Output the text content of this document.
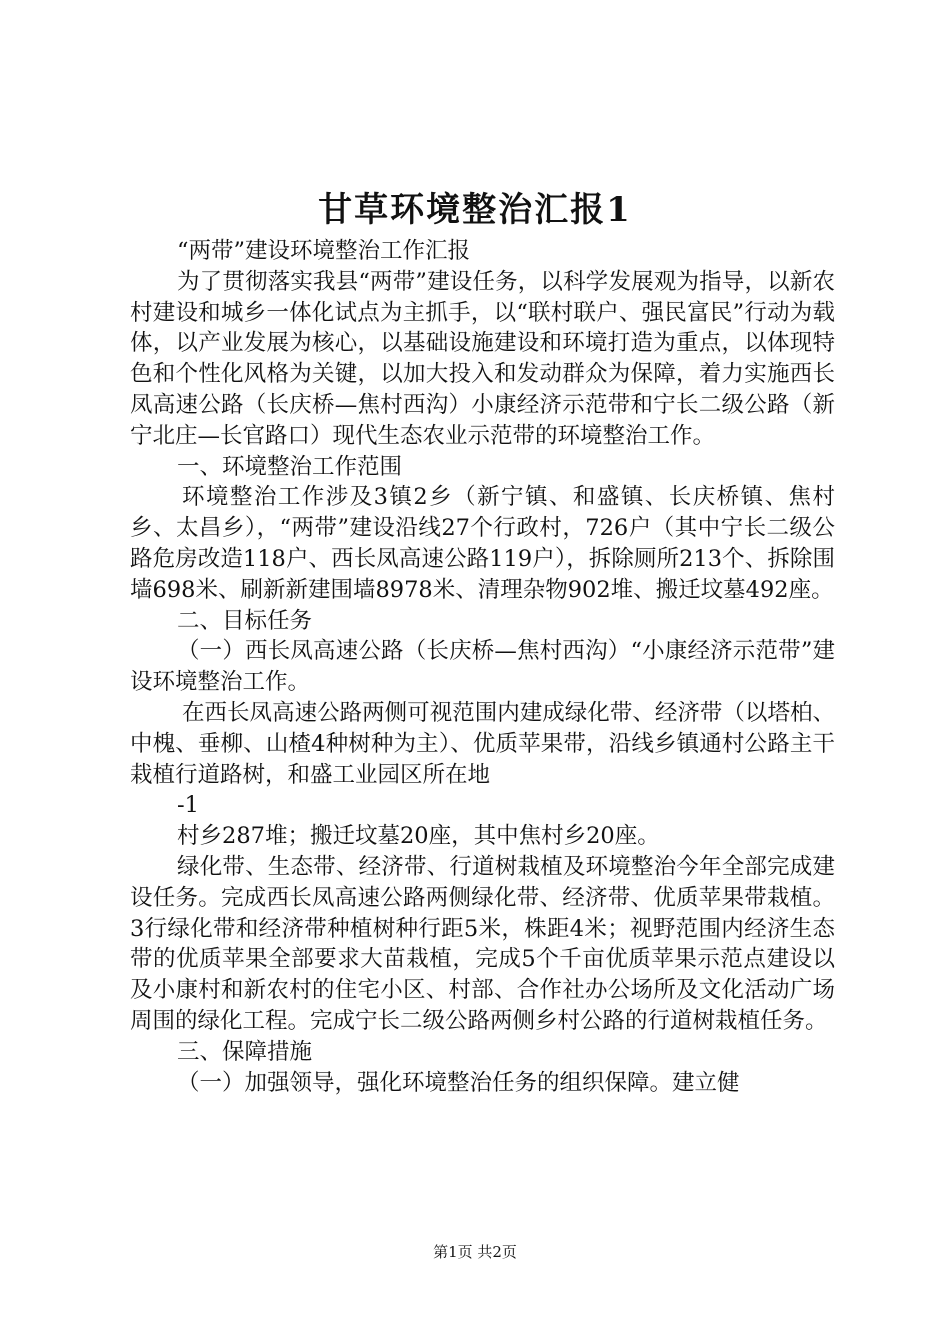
甘草环境整治汇报1

“两带”建设环境整治工作汇报

为了贯彻落实我县“两带”建设任务，以科学发展观为指导，以新农村建设和城乡一体化试点为主抓手，以“联村联户、强民富民”行动为载体，以产业发展为核心，以基础设施建设和环境打造为重点，以体现特色和个性化风格为关键，以加大投入和发动群众为保障，着力实施西长凤高速公路（长庆桥—焦村西沟）小康经济示范带和宁长二级公路（新宁北庄—长官路口）现代生态农业示范带的环境整治工作。

一、环境整治工作范围

环境整治工作涉及3镇2乡（新宁镇、和盛镇、长庆桥镇、焦村乡、太昌乡），“两带”建设沿线27个行政村，726户（其中宁长二级公路危房改造118户、西长凤高速公路119户），拆除厕所213个、拆除围墙698米、刷新新建围墙8978米、清理杂物902堆、搬迁坟墓492座。

二、目标任务

（一）西长凤高速公路（长庆桥—焦村西沟）“小康经济示范带”建设环境整治工作。

在西长凤高速公路两侧可视范围内建成绿化带、经济带（以塔柏、中槐、垂柳、山楂4种树种为主）、优质苹果带，沿线乡镇通村公路主干栽植行道路树，和盛工业园区所在地

-1

村乡287堆；搬迁坟墓20座，其中焦村乡20座。

绿化带、生态带、经济带、行道树栽植及环境整治今年全部完成建设任务。完成西长凤高速公路两侧绿化带、经济带、优质苹果带栽植。3行绿化带和经济带种植树种行距5米，株距4米；视野范围内经济生态带的优质苹果全部要求大苗栽植，完成5个千亩优质苹果示范点建设以及小康村和新农村的住宅小区、村部、合作社办公场所及文化活动广场周围的绿化工程。完成宁长二级公路两侧乡村公路的行道树栽植任务。

三、保障措施

（一）加强领导，强化环境整治任务的组织保障。建立健

第1页 共2页
